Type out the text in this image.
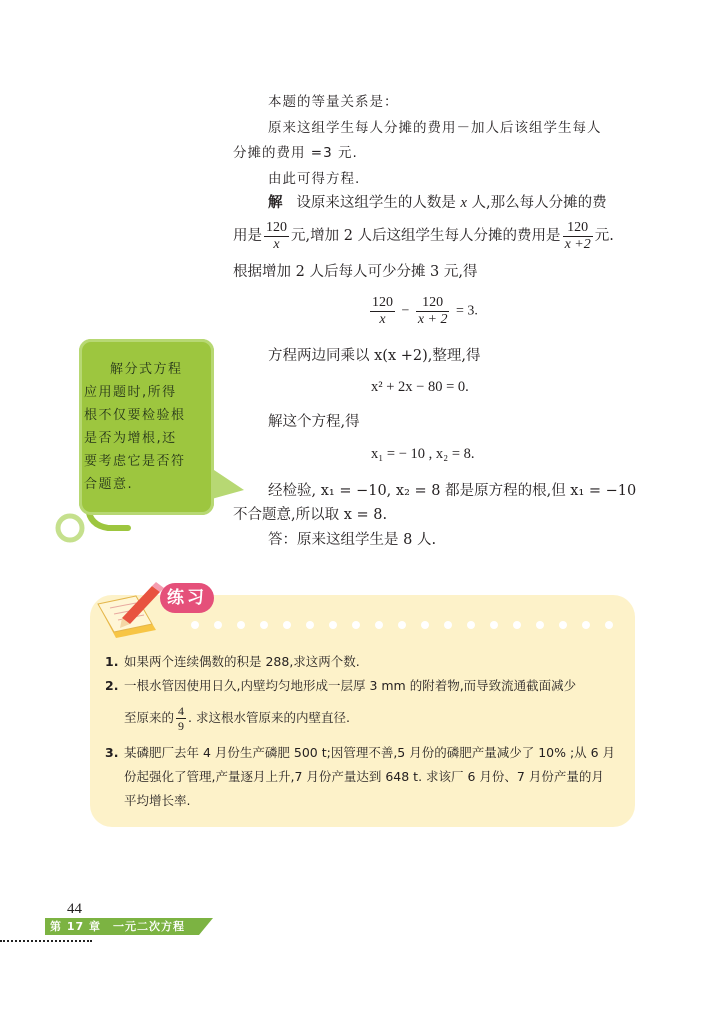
本题的等量关系是：
原来这组学生每人分摊的费用－加人后该组学生每人
分摊的费用 =3 元.
由此可得方程.
解 设原来这组学生的人数是 x 人,那么每人分摊的费
用是 $\frac{120}{x}$ 元,增加 2 人后这组学生每人分摊的费用是 $\frac{120}{x +2}$ 元.
根据增加 2 人后每人可少分摊 3 元,得
$\frac{120}{x} - \frac{120}{x + 2} = 3$.
方程两边同乘以 x(x +2),整理,得
x² + 2x − 80 = 0.
解这个方程,得
x₁ = − 10 , x₂ = 8.
经检验, x₁ = −10, x₂ = 8 都是原方程的根,但 x₁ = −10
不合题意,所以取 x = 8.
答：原来这组学生是 8 人.
解分式方程
应用题时,所得
根不仅要检验根
是否为增根,还
要考虑它是否符
合题意.
练习
1. 如果两个连续偶数的积是 288,求这两个数.
2. 一根水管因使用日久,内壁均匀地形成一层厚 3 mm 的附着物,而导致流通截面减少
至原来的 $\frac{4}{9}$ . 求这根水管原来的内壁直径.
3. 某磷肥厂去年 4 月份生产磷肥 500 t;因管理不善,5 月份的磷肥产量减少了 10% ;从 6 月
份起强化了管理,产量逐月上升,7 月份产量达到 648 t. 求该厂 6 月份、7 月份产量的月
平均增长率.
44
第 17 章　一元二次方程
